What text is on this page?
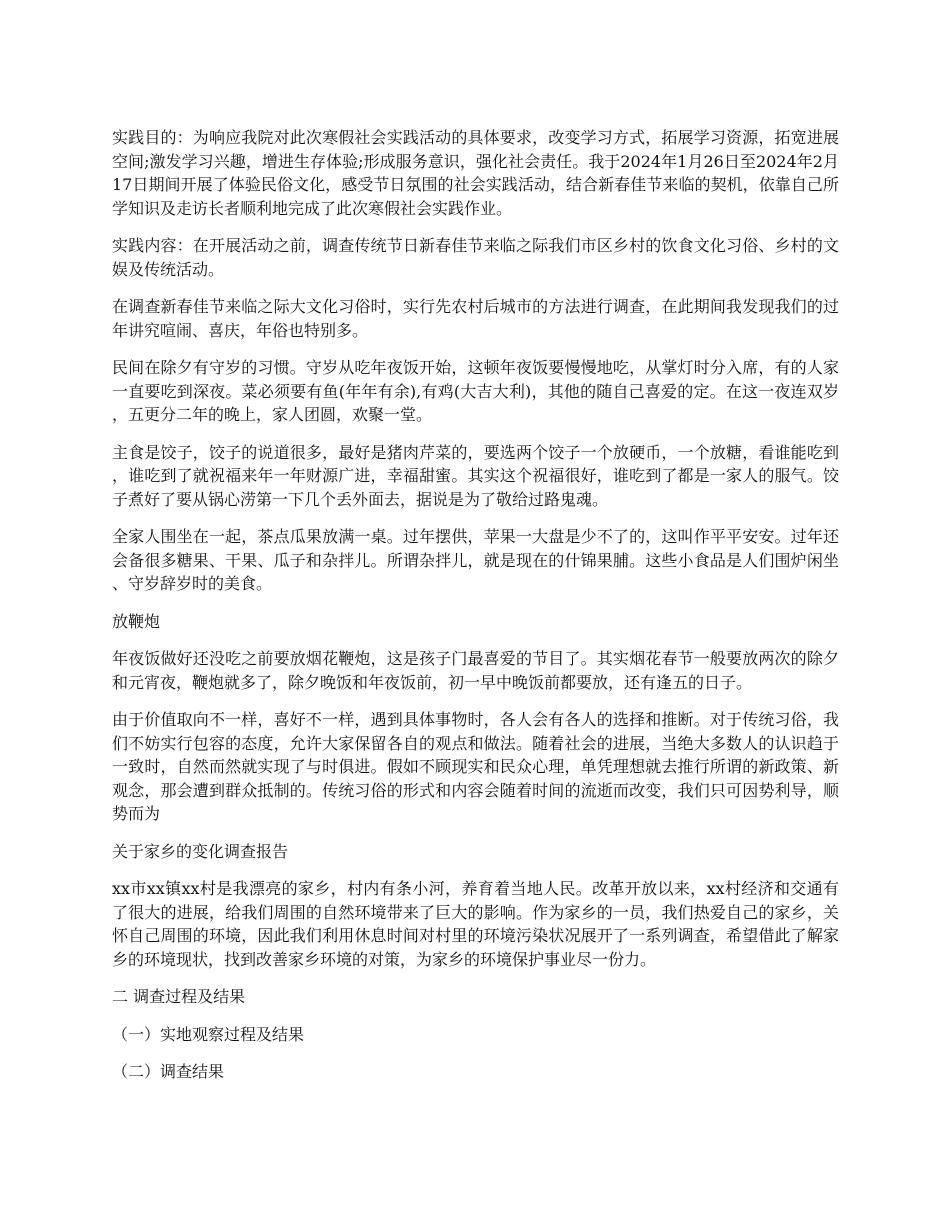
实践目的：为响应我院对此次寒假社会实践活动的具体要求，改变学习方式，拓展学习资源，拓宽进展空间;激发学习兴趣，增进生存体验;形成服务意识，强化社会责任。我于2024年1月26日至2024年2月17日期间开展了体验民俗文化，感受节日氛围的社会实践活动，结合新春佳节来临的契机，依靠自己所学知识及走访长者顺利地完成了此次寒假社会实践作业。

实践内容：在开展活动之前，调查传统节日新春佳节来临之际我们市区乡村的饮食文化习俗、乡村的文娱及传统活动。

在调查新春佳节来临之际大文化习俗时，实行先农村后城市的方法进行调查，在此期间我发现我们的过年讲究喧闹、喜庆，年俗也特别多。

民间在除夕有守岁的习惯。守岁从吃年夜饭开始，这顿年夜饭要慢慢地吃，从掌灯时分入席，有的人家一直要吃到深夜。菜必须要有鱼(年年有余),有鸡(大吉大利)，其他的随自己喜爱的定。在这一夜连双岁，五更分二年的晚上，家人团圆，欢聚一堂。

主食是饺子，饺子的说道很多，最好是猪肉芹菜的，要选两个饺子一个放硬币，一个放糖，看谁能吃到，谁吃到了就祝福来年一年财源广进，幸福甜蜜。其实这个祝福很好，谁吃到了都是一家人的服气。饺子煮好了要从锅心涝第一下几个丢外面去，据说是为了敬给过路鬼魂。

全家人围坐在一起，茶点瓜果放满一桌。过年摆供，苹果一大盘是少不了的，这叫作平平安安。过年还会备很多糖果、干果、瓜子和杂拌儿。所谓杂拌儿，就是现在的什锦果脯。这些小食品是人们围炉闲坐、守岁辞岁时的美食。

放鞭炮

年夜饭做好还没吃之前要放烟花鞭炮，这是孩子门最喜爱的节目了。其实烟花春节一般要放两次的除夕和元宵夜，鞭炮就多了，除夕晚饭和年夜饭前，初一早中晚饭前都要放，还有逢五的日子。

由于价值取向不一样，喜好不一样，遇到具体事物时，各人会有各人的选择和推断。对于传统习俗，我们不妨实行包容的态度，允许大家保留各自的观点和做法。随着社会的进展，当绝大多数人的认识趋于一致时，自然而然就实现了与时俱进。假如不顾现实和民众心理，单凭理想就去推行所谓的新政策、新观念，那会遭到群众抵制的。传统习俗的形式和内容会随着时间的流逝而改变，我们只可因势利导，顺势而为

关于家乡的变化调查报告

xx市xx镇xx村是我漂亮的家乡，村内有条小河，养育着当地人民。改革开放以来，xx村经济和交通有了很大的进展，给我们周围的自然环境带来了巨大的影响。作为家乡的一员，我们热爱自己的家乡，关怀自己周围的环境，因此我们利用休息时间对村里的环境污染状况展开了一系列调查，希望借此了解家乡的环境现状，找到改善家乡环境的对策，为家乡的环境保护事业尽一份力。

二 调查过程及结果

（一）实地观察过程及结果

（二）调查结果
